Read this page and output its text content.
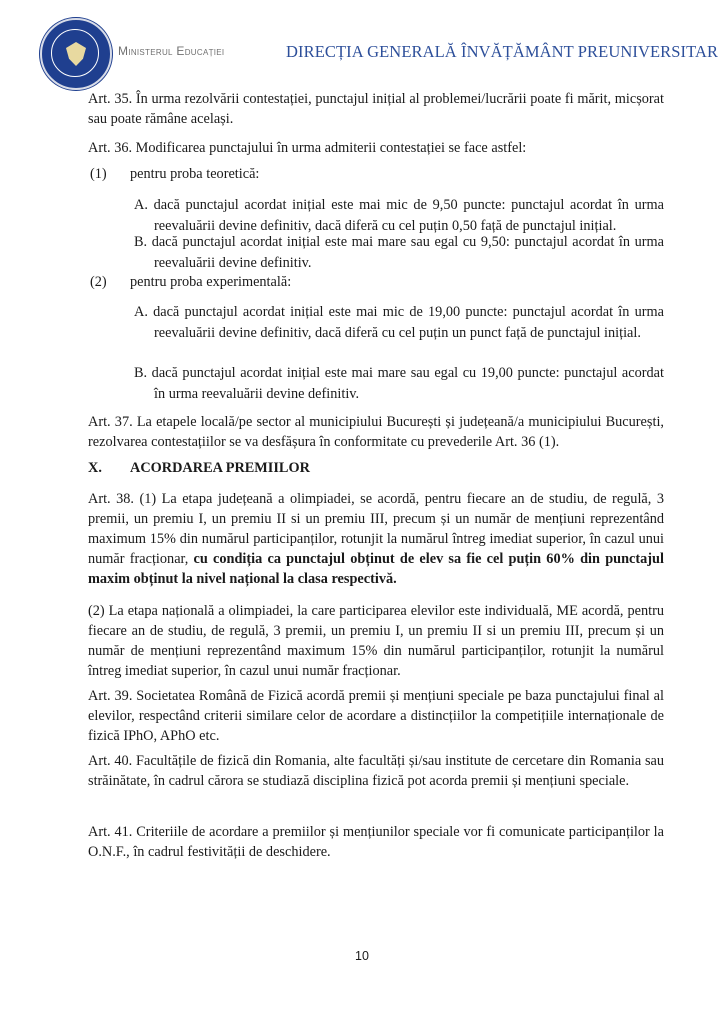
Ministerul Educației	DIRECȚIA GENERALĂ ÎNVĂȚĂMÂNT PREUNIVERSITAR
Art. 35. În urma rezolvării contestației, punctajul inițial al problemei/lucrării poate fi mărit, micșorat sau poate rămâne același.
Art. 36. Modificarea punctajului în urma admiterii contestației se face astfel:
(1) pentru proba teoretică:
A. dacă punctajul acordat inițial este mai mic de 9,50 puncte: punctajul acordat în urma reevaluării devine definitiv, dacă diferă cu cel puțin 0,50 față de punctajul inițial.
B. dacă punctajul acordat inițial este mai mare sau egal cu 9,50: punctajul acordat în urma reevaluării devine definitiv.
(2) pentru proba experimentală:
A. dacă punctajul acordat inițial este mai mic de 19,00 puncte: punctajul acordat în urma reevaluării devine definitiv, dacă diferă cu cel puțin un punct față de punctajul inițial.
B. dacă punctajul acordat inițial este mai mare sau egal cu 19,00 puncte: punctajul acordat în urma reevaluării devine definitiv.
Art. 37. La etapele locală/pe sector al municipiului București și județeană/a municipiului București, rezolvarea contestațiilor se va desfășura în conformitate cu prevederile Art. 36 (1).
X. ACORDAREA PREMIILOR
Art. 38. (1) La etapa județeană a olimpiadei, se acordă, pentru fiecare an de studiu, de regulă, 3 premii, un premiu I, un premiu II si un premiu III, precum și un număr de mențiuni reprezentând maximum 15% din numărul participanților, rotunjit la numărul întreg imediat superior, în cazul unui număr fracționar, cu condiția ca punctajul obținut de elev sa fie cel puțin 60% din punctajul maxim obținut la nivel național la clasa respectivă.
(2) La etapa națională a olimpiadei, la care participarea elevilor este individuală, ME acordă, pentru fiecare an de studiu, de regulă, 3 premii, un premiu I, un premiu II si un premiu III, precum și un număr de mențiuni reprezentând maximum 15% din numărul participanților, rotunjit la numărul întreg imediat superior, în cazul unui număr fracționar.
Art. 39. Societatea Română de Fizică acordă premii și mențiuni speciale pe baza punctajului final al elevilor, respectând criterii similare celor de acordare a distincțiilor la competițiile internaționale de fizică IPhO, APhO etc.
Art. 40. Facultățile de fizică din Romania, alte facultăți și/sau institute de cercetare din Romania sau străinătate, în cadrul cărora se studiază disciplina fizică pot acorda premii și mențiuni speciale.
Art. 41. Criteriile de acordare a premiilor și mențiunilor speciale vor fi comunicate participanților la O.N.F., în cadrul festivității de deschidere.
10
